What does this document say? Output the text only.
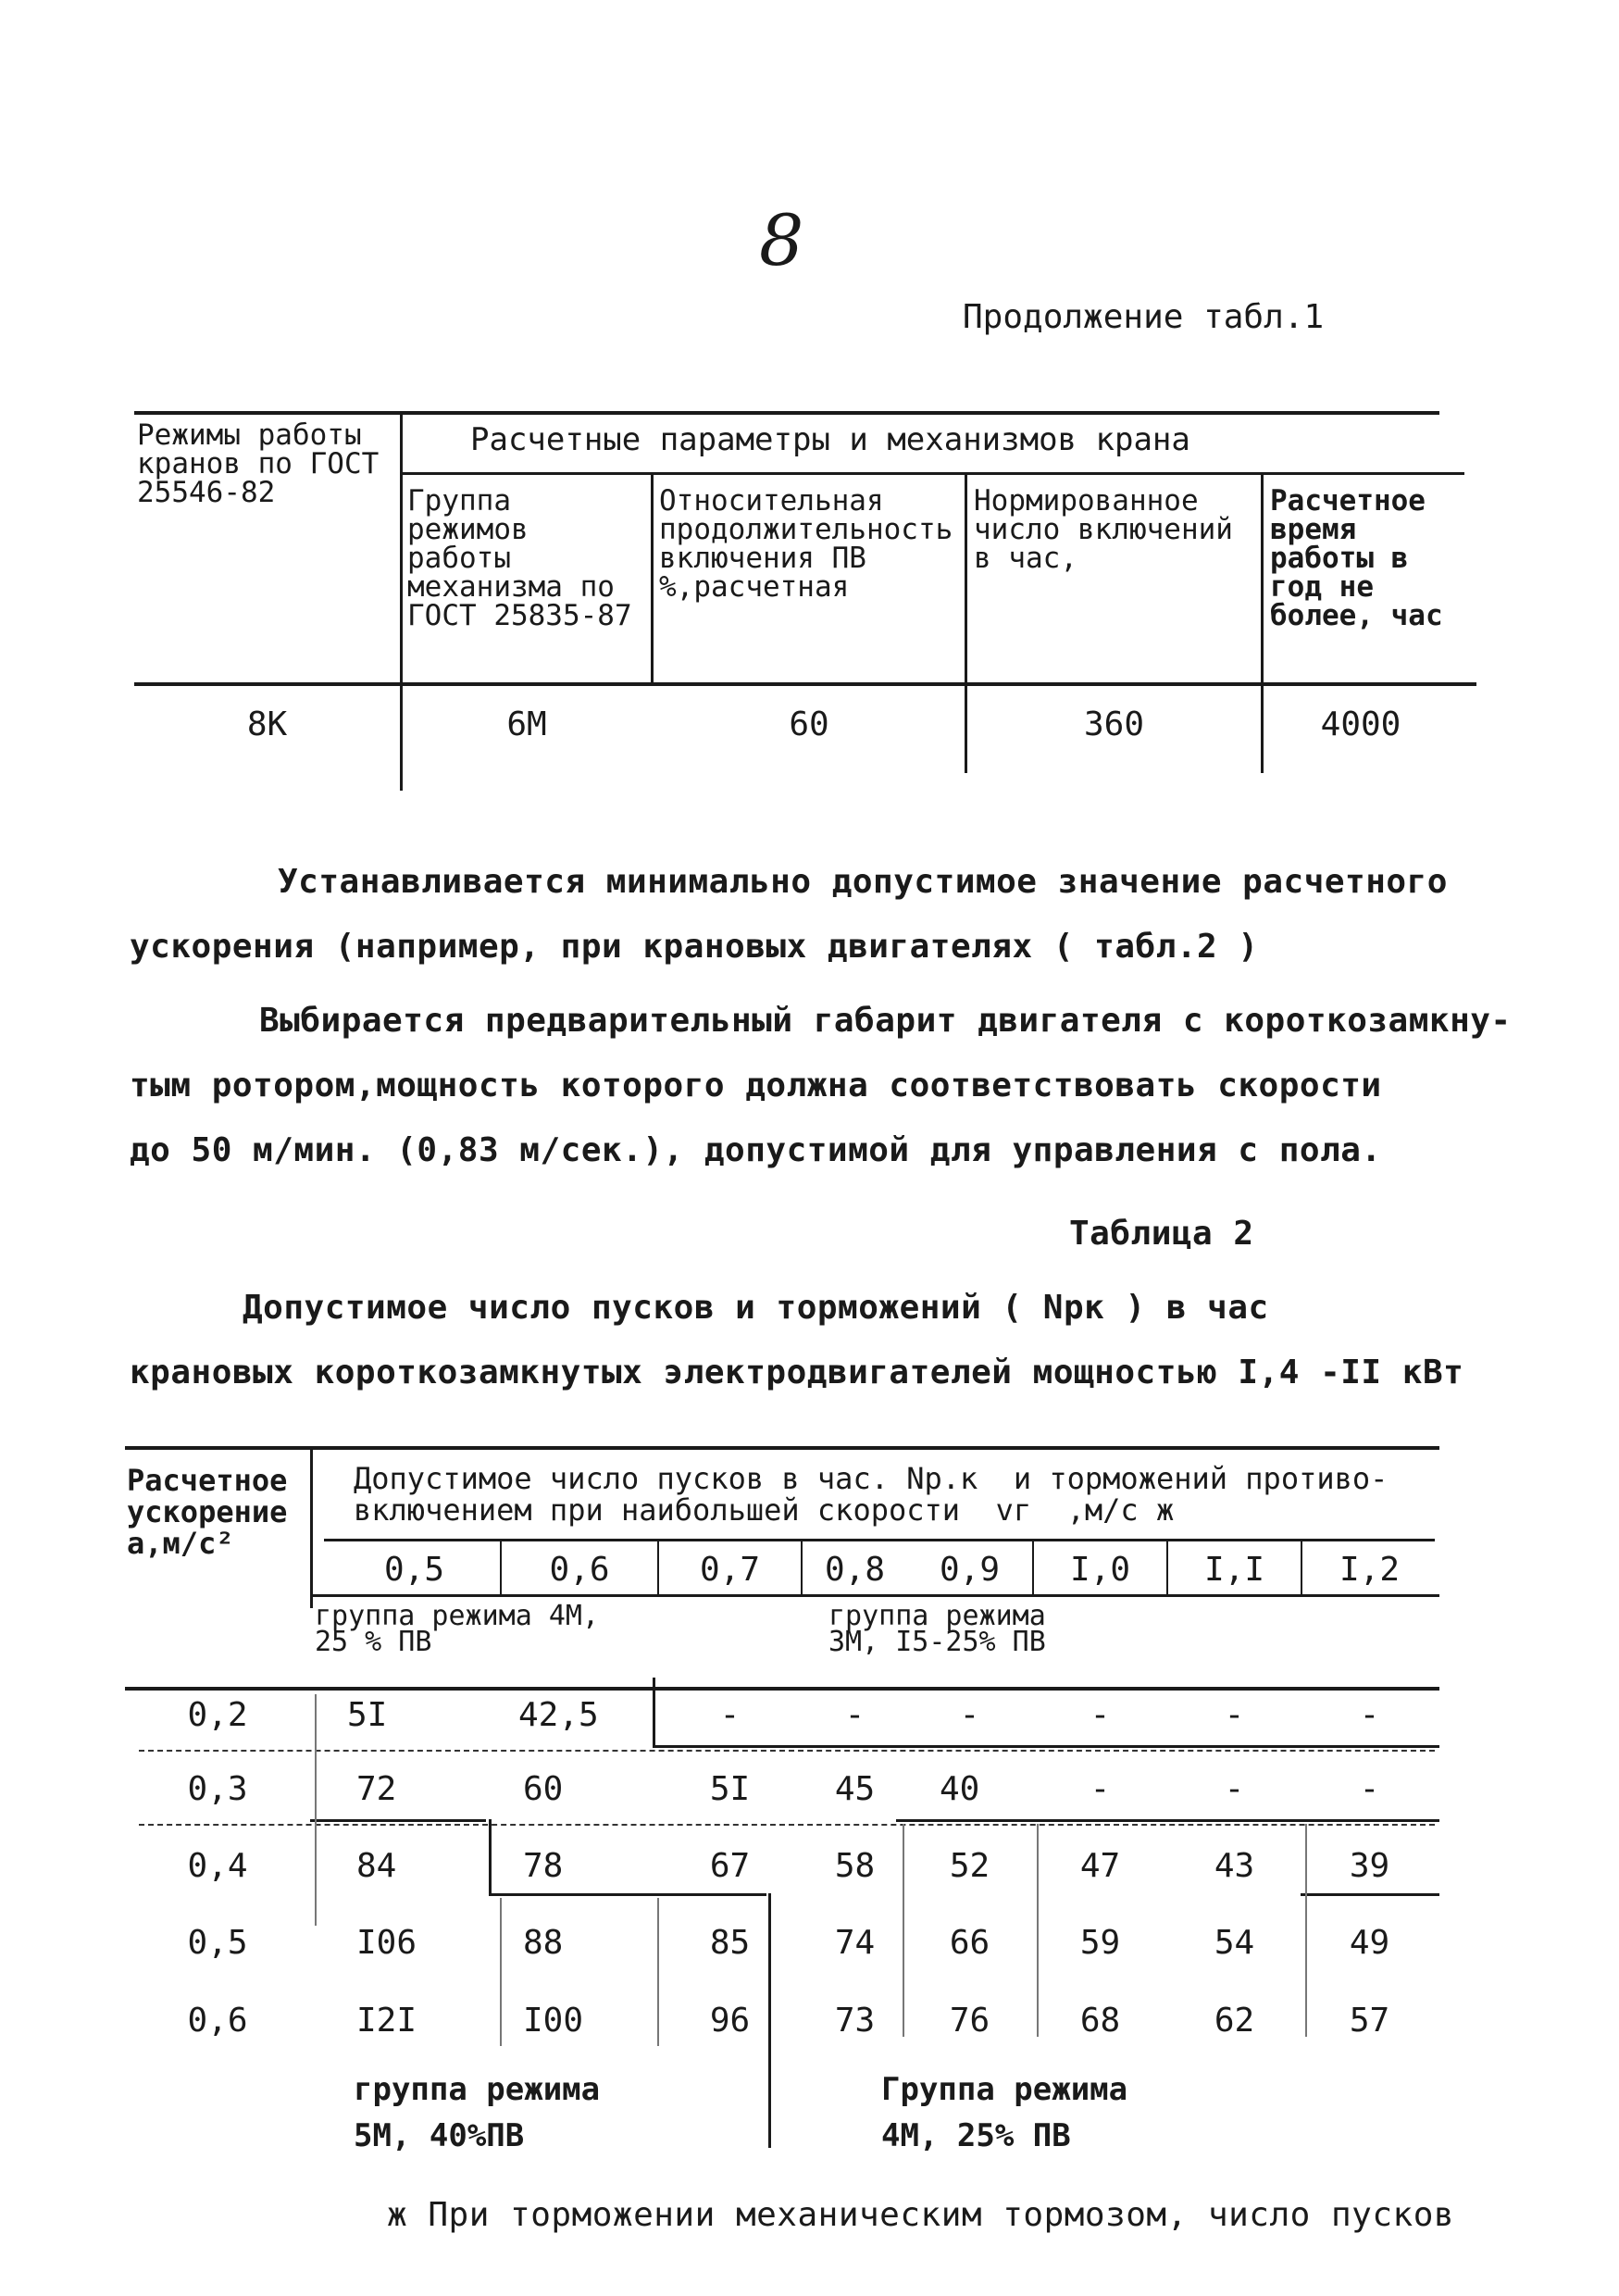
8
Продолжение табл.1
Режимы работы кранов по ГОСТ 25546-82
Расчетные параметры и механизмов крана
Группа режимов работы механизма по ГОСТ 25835-87
Относительная продолжительность включения ПВ %,расчетная
Нормированное число включений в час,
Расчетное время работы в год не более, час
8К	6М	60	360	4000
Устанавливается минимально допустимое значение расчетного
ускорения (например, при крановых двигателях ( табл.2 )
Выбирается предварительный габарит двигателя с короткозамкну-
тым ротором,мощность которого должна соответствовать скорости
до 50 м/мин. (0,83 м/сек.), допустимой для управления с пола.
Таблица 2
Допустимое число пусков и торможений ( Nрк ) в час
крановых короткозамкнутых электродвигателей мощностью I,4 -II кВт
Расчетное ускорение а,м/с²
Допустимое число пусков в час. Nр.к  и торможений противо-
включением при наибольшей скорости  vг  ,м/с ж
0,5	0,6	0,7	0,8	0,9	I,0	I,I	I,2
группа режима 4М, 25 % ПВ
группа режима 3М, I5-25% ПВ
0,2	5I	42,5	-	-	-	-	-	-
0,3	72	60	5I	45	40	-	-	-
0,4	84	78	67	58	52	47	43	39
0,5	I06	88	85	74	66	59	54	49
0,6	I2I	I00	96	73	76	68	62	57
группа режима
5М, 40%ПВ
Группа режима
4М, 25% ПВ
ж При торможении механическим тормозом, число пусков
